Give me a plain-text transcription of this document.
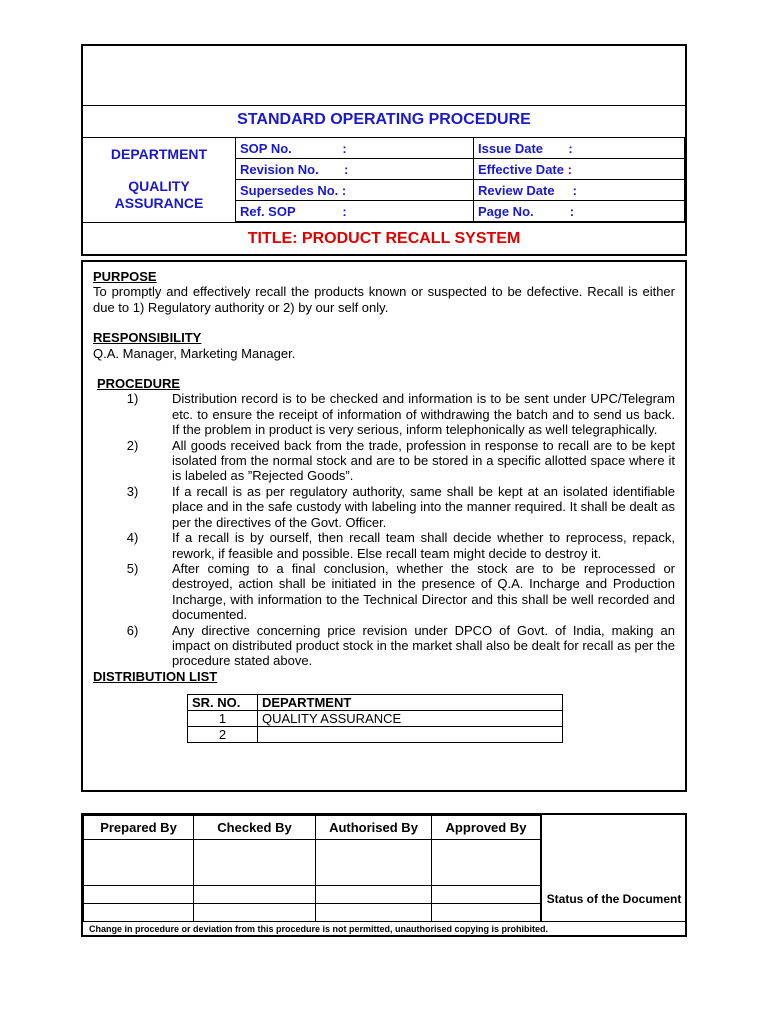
STANDARD OPERATING PROCEDURE
DEPARTMENT
QUALITY ASSURANCE
SOP No.              :	Issue Date       :
Revision No.       :	Effective Date :
Supersedes No. :	Review Date     :
Ref. SOP             :	Page No.          :
TITLE: PRODUCT RECALL SYSTEM
PURPOSE
To promptly and effectively recall the products known or suspected to be defective. Recall is either due to 1) Regulatory authority or 2) by our self only.
RESPONSIBILITY
Q.A. Manager, Marketing Manager.
PROCEDURE
1)	Distribution record is to be checked and information is to be sent under UPC/Telegram etc. to ensure the receipt of information of withdrawing the batch and to send us back. If the problem in product is very serious, inform telephonically as well telegraphically.
2)	All goods received back from the trade, profession in response to recall are to be kept isolated from the normal stock and are to be stored in a specific allotted space where it is labeled as ”Rejected Goods”.
3)	If a recall is as per regulatory authority, same shall be kept at an isolated identifiable place and in the safe custody with labeling into the manner required. It shall be dealt as per the directives of the Govt. Officer.
4)	If a recall is by ourself, then recall team shall decide whether to reprocess, repack, rework, if feasible and possible. Else recall team might decide to destroy it.
5)	After coming to a final conclusion, whether the stock are to be reprocessed or destroyed, action shall be initiated in the presence of Q.A. Incharge and Production Incharge, with information to the Technical Director and this shall be well recorded and documented.
6)	Any directive concerning price revision under DPCO of Govt. of India, making an impact on distributed product stock in the market shall also be dealt for recall as per the procedure stated above.
DISTRIBUTION LIST
SR. NO.	DEPARTMENT
1	QUALITY ASSURANCE
2	
Prepared By	Checked By	Authorised By	Approved By

Status of the Document
Change in procedure or deviation from this procedure is not permitted, unauthorised copying is prohibited.
